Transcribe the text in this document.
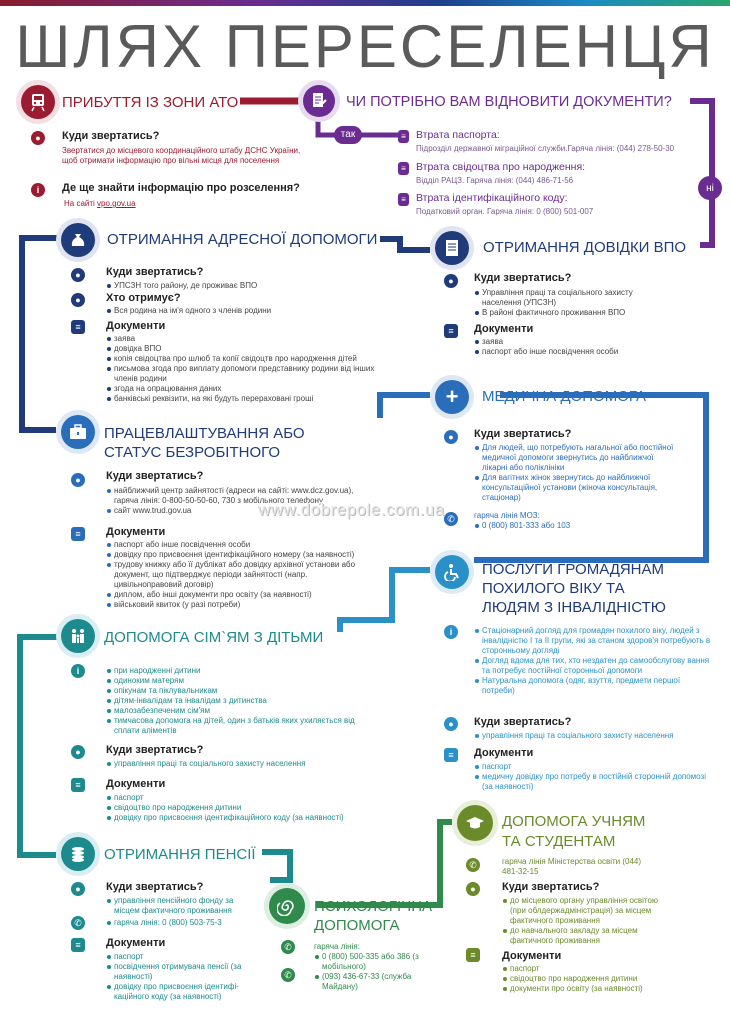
ШЛЯХ ПЕРЕСЕЛЕНЦЯ
ПРИБУТТЯ ІЗ ЗОНИ АТО
●	Куди звертатись?
Звертатися до місцевого координаційного штабу ДСНС України, щоб отримати інформацію про вільні місця для поселення
i	Де ще знайти інформацію про розселення?
На сайті vpo.gov.ua
ЧИ ПОТРІБНО ВАМ ВІДНОВИТИ ДОКУМЕНТИ?
так
ні
≡ Втрата паспорта:
Підрозділ державної міграційної служби.Гаряча лінія: (044) 278-50-30
≡ Втрата свідоцтва про народження:
Відділ РАЦЗ. Гаряча лінія: (044) 486-71-56
≡ Втрата ідентифікаційного коду:
Податковий орган. Гаряча лінія: 0 (800) 501-007
ОТРИМАННЯ АДРЕСНОЇ ДОПОМОГИ
●	Куди звертатись?
УПСЗН того району, де проживає ВПО
●	Хто отримує?
Вся родина на ім'я одного з членів родини
≡	Документи
заява
довідка ВПО
копія свідоцтва про шлюб та копії свідоцтв про народження дітей
письмова згода про виплату допомоги представнику родини від інших членів родини
згода на опрацювання даних
банківські реквізити, на які будуть перераховані гроші
ОТРИМАННЯ ДОВІДКИ ВПО
●	Куди звертатись?
Управління праці та соціального захисту населення (УПСЗН)
В районі фактичного проживання ВПО
≡	Документи
заява
паспорт або інше посвідчення особи
+	МЕДИЧНА ДОПОМОГА
●	Куди звертатись?
Для людей, що потребують нагальної або постійної медичної допомоги звернутись до найближчої лікарні або поліклініки
Для вагітних жінок звернутись до найближчої консультаційної установи (жіноча консультація, стаціонар)
✆	гаряча лінія МОЗ:
0 (800) 801-333 або 103
ПРАЦЕВЛАШТУВАННЯ АБО
СТАТУС БЕЗРОБІТНОГО
●	Куди звертатись?
найближчий центр зайнятості (адреси на сайті: www.dcz.gov.ua), гаряча лінія: 0-800-50-50-60, 730 з мобільного телефону
сайт www.trud.gov.ua
≡	Документи
паспорт або інше посвідчення особи
довідку про присвоєння ідентифікаційного номеру (за наявності)
трудову книжку або її дублікат або довідку архівної установи або документ, що підтверджує періоди зайнятості (напр. цивільноправовий договір)
диплом, або інші документи про освіту (за наявності)
військовий квиток (у разі потреби)
ПОСЛУГИ ГРОМАДЯНАМ
ПОХИЛОГО ВІКУ ТА
ЛЮДЯМ З ІНВАЛІДНІСТЮ
i	Стаціонарний догляд для громадян похилого віку, людей з інвалідністю І та ІІ групи, які за станом здоров'я потребують в сторонньому догляді
Догляд вдома для тих, хто нездатен до самообслугову вання та потребує постійної сторонньої допомоги
Натуральна допомога (одяг, взуття, предмети першої потреби)
●	Куди звертатись?
управління праці та соціального захисту населення
≡	Документи
паспорт
медичну довідку про потребу в постійній сторонній допомозі (за наявності)
ДОПОМОГА СІМ`ЯМ З ДІТЬМИ
i	при народженні дитини
одиноким матерям
опікунам та піклувальникам
дітям-інвалідам та інвалідам з дитинства
малозабезпеченим сім'ям
тимчасова допомога на дітей, один з батьків яких ухиляється від сплати аліментів
●	Куди звертатись?
управління праці та соціального захисту населення
≡	Документи
паспорт
свідоцтво про народження дитини
довідку про присвоєння ідентифікаційного коду (за наявності)
ОТРИМАННЯ ПЕНСІЇ
●	Куди звертатись?
управління пенсійного фонду за місцем фактичного проживання
✆	гаряча лінія: 0 (800) 503-75-3
≡	Документи
паспорт
посвідчення отримувача пенсії (за наявності)
довідку про присвоєння ідентифі-каційного коду (за наявності)
ПСИХОЛОГІЧНА
ДОПОМОГА
✆
✆
гаряча лінія:
0 (800) 500-335 або 386 (з мобільного)
(093) 436-67-33 (служба Майдану)
ДОПОМОГА УЧНЯМ
ТА СТУДЕНТАМ
✆	гаряча лінія Міністерства освіти (044) 481-32-15
●	Куди звертатись?
до місцевого органу управління освітою (при облдержадміністрація) за місцем фактичного проживання
до навчального закладу за місцем фактичного проживання
≡	Документи
паспорт
свідоцтво про народження дитини
документи про освіту (за наявності)
www.dobrepole.com.ua
